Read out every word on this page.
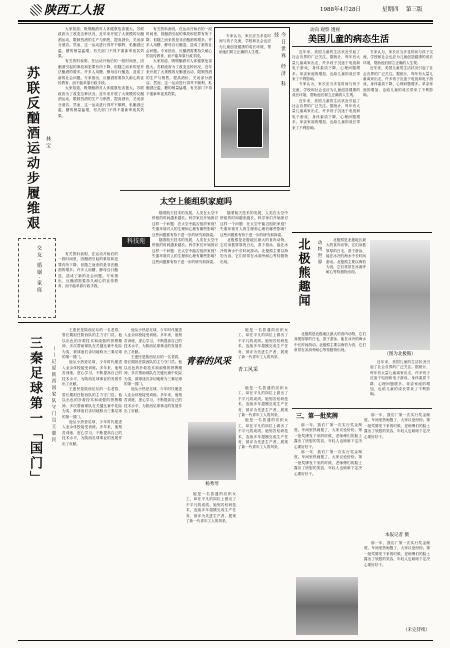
陕西工人报	1988年4月28日	星期四	第三版
苏联反酗酒运动步履维艰 林宝

大家知道，吸烟酗酒对人体健康危害极大。苏联政府为了改变这种状况，近年来开展了大规模的反酗酒运动，限制烈酒的生产与销售，提高酒价，关闭部分酒店。然而，这一运动进行得并不顺利，私酿酒泛滥，糖的销量猛增，有关部门不得不重新审视其效果。

有关资料表明，在运动开始后的一段时间里，因酗酒引起的事故和犯罪有所下降，但随之而来的是非法酿酒的增多。许多人用糖、酵母自行酿造，造成了新的社会问题。专家指出，反酗酒需要持久耐心的宣传教育，而不能单靠行政手段。

大家知道，吸烟酗酒对人体健康危害极大。苏联政府为了改变这种状况，近年来开展了大规模的反酗酒运动，限制烈酒的生产与销售，提高酒价，关闭部分酒店。然而，这一运动进行得并不顺利，私酿酒泛滥，糖的销量猛增，有关部门不得不重新审视其效果。

有关资料表明，在运动开始后的一段时间里，因酗酒引起的事故和犯罪有所下降，但随之而来的是非法酿酒的增多。许多人用糖、酵母自行酿造，造成了新的社会问题。专家指出，反酗酒需要持久耐心的宣传教育，而不能单靠行政手段。

大家知道，吸烟酗酒对人体健康危害极大。苏联政府为了改变这种状况，近年来开展了大规模的反酗酒运动，限制烈酒的生产与销售，提高酒价，关闭部分酒店。然而，这一运动进行得并不顺利，私酿酒泛滥，糖的销量猛增，有关部门不得不重新审视其效果。

今日世界 经济 科技

专家认为，家长应当多花时间与孩子交流，学校和社会也应为儿童创造健康的成长环境，帮助他们树立正确的人生观。

动向 观察 透视
美国儿童的病态生活

近年来，美国儿童的生活状况引起了社会各界的广泛关注。据统计，每年有大量儿童离家出走，许多孩子沉迷于电视和电子游戏，身体素质下降，心理问题增多。单亲家庭的增加，也给儿童的成长带来了不利影响。

专家认为，家长应当多花时间与孩子交流，学校和社会也应为儿童创造健康的成长环境，帮助他们树立正确的人生观。

近年来，美国儿童的生活状况引起了社会各界的广泛关注。据统计，每年有大量儿童离家出走，许多孩子沉迷于电视和电子游戏，身体素质下降，心理问题增多。单亲家庭的增加，也给儿童的成长带来了不利影响。

专家认为，家长应当多花时间与孩子交流，学校和社会也应为儿童创造健康的成长环境，帮助他们树立正确的人生观。

近年来，美国儿童的生活状况引起了社会各界的广泛关注。据统计，每年有大量儿童离家出走，许多孩子沉迷于电视和电子游戏，身体素质下降，心理问题增多。单亲家庭的增加，也给儿童的成长带来了不利影响。

交友·婚姻·家庭	有关资料表明，在运动开始后的一段时间里，因酗酒引起的事故和犯罪有所下降，但随之而来的是非法酿酒的增多。许多人用糖、酵母自行酿造，造成了新的社会问题。专家指出，反酗酒需要持久耐心的宣传教育，而不能单靠行政手段。

科技苑
太空上能组织家庭吗

随着航天技术的发展，人类在太空中停留的时间越来越长。科学家们开始探讨这样一个问题：在太空中能否组织家庭？失重环境对人的生理和心理有哪些影响？这些问题都有待于进一步的研究和探索。

随着航天技术的发展，人类在太空中停留的时间越来越长。科学家们开始探讨这样一个问题：在太空中能否组织家庭？失重环境对人的生理和心理有哪些影响？这些问题都有待于进一步的研究和探索。

随着航天技术的发展，人类在太空中停留的时间越来越长。科学家们开始探讨这样一个问题：在太空中能否组织家庭？失重环境对人的生理和心理有哪些影响？这些问题都有待于进一步的研究和探索。

北极熊是北极地区最大的食肉动物，它们身披厚厚的白毛，善于游泳，能在冰冷的海水中长时间游动。北极熊主要以海豹为食，它们常常在冰洞旁耐心等待猎物出现。	北极熊趣闻	动物世界	北极熊是北极地区最大的食肉动物，它们身披厚厚的白毛，善于游泳，能在冰冷的海水中长时间游动。北极熊主要以海豹为食，它们常常在冰洞旁耐心等待猎物出现。

北极熊是北极地区最大的食肉动物，它们身披厚厚的白毛，善于游泳，能在冰冷的海水中长时间游动。北极熊主要以海豹为食，它们常常在冰洞旁耐心等待猎物出现。

（图为北极熊）

近年来，美国儿童的生活状况引起了社会各界的广泛关注。据统计，每年有大量儿童离家出走，许多孩子沉迷于电视和电子游戏，身体素质下降，心理问题增多。单亲家庭的增加，也给儿童的成长带来了不利影响。

三秦足球第一「国门」	——记原陕西国家队守门员王惠民

王惠民是陕西足坛的一名老将，曾长期担任陕西队的主力守门员。他以出色的扑救技术和顽强的拼搏精神，多次帮助球队在关键比赛中化险为夷，被球迷们亲切地称为三秦足球的第一国门。

他从小热爱足球，少年时代便进入业余体校接受训练。多年来，他刻苦训练，虚心学习，不断提高自己的技术水平，为陕西足球事业的发展作出了贡献。

王惠民是陕西足坛的一名老将，曾长期担任陕西队的主力守门员。他以出色的扑救技术和顽强的拼搏精神，多次帮助球队在关键比赛中化险为夷，被球迷们亲切地称为三秦足球的第一国门。

他从小热爱足球，少年时代便进入业余体校接受训练。多年来，他刻苦训练，虚心学习，不断提高自己的技术水平，为陕西足球事业的发展作出了贡献。

他从小热爱足球，少年时代便进入业余体校接受训练。多年来，他刻苦训练，虚心学习，不断提高自己的技术水平，为陕西足球事业的发展作出了贡献。

王惠民是陕西足坛的一名老将，曾长期担任陕西队的主力守门员。他以出色的扑救技术和顽强的拼搏精神，多次帮助球队在关键比赛中化险为夷，被球迷们亲切地称为三秦足球的第一国门。

他从小热爱足球，少年时代便进入业余体校接受训练。多年来，他刻苦训练，虚心学习，不断提高自己的技术水平，为陕西足球事业的发展作出了贡献。

青春的风采
青工风采

她是一名普通的纺织女工，却在平凡的岗位上做出了不平凡的成绩。她刻苦钻研技术，连续多年超额完成生产任务，被评为先进生产者，展现了新一代青年工人的风采。

杨秀琴

她是一名普通的纺织女工，却在平凡的岗位上做出了不平凡的成绩。她刻苦钻研技术，连续多年超额完成生产任务，被评为先进生产者，展现了新一代青年工人的风采。

她是一名普通的纺织女工，却在平凡的岗位上做出了不平凡的成绩。她刻苦钻研技术，连续多年超额完成生产任务，被评为先进生产者，展现了新一代青年工人的风采。

她是一名普通的纺织女工，却在平凡的岗位上做出了不平凡的成绩。她刻苦钻研技术，连续多年超额完成生产任务，被评为先进生产者，展现了新一代青年工人的风采。

三、第一批奖牌

那一年，我们厂第一次实行奖金制度。车间里热闹极了，大家议论纷纷。第一批奖牌发下来的时候，老师傅们的脸上露出了欣慰的笑容，年轻人也暗暗下定决心要好好干。

那一年，我们厂第一次实行奖金制度。车间里热闹极了，大家议论纷纷。第一批奖牌发下来的时候，老师傅们的脸上露出了欣慰的笑容，年轻人也暗暗下定决心要好好干。

那一年，我们厂第一次实行奖金制度。车间里热闹极了，大家议论纷纷。第一批奖牌发下来的时候，老师傅们的脸上露出了欣慰的笑容，年轻人也暗暗下定决心要好好干。

本报记者 摄

那一年，我们厂第一次实行奖金制度。车间里热闹极了，大家议论纷纷。第一批奖牌发下来的时候，老师傅们的脸上露出了欣慰的笑容，年轻人也暗暗下定决心要好好干。

（未完待续）
